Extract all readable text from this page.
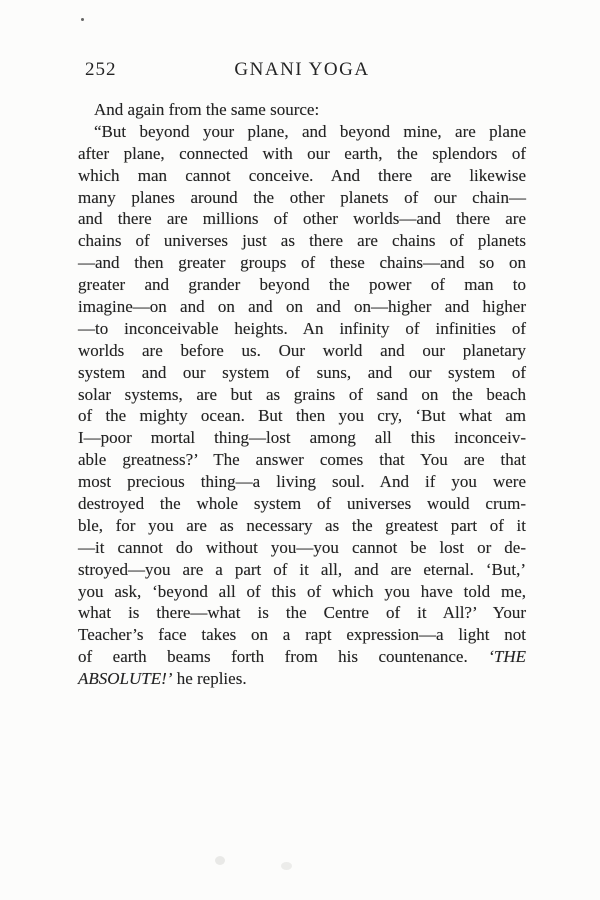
252	GNANI YOGA
And again from the same source:
“But beyond your plane, and beyond mine, are plane
after plane, connected with our earth, the splendors of
which man cannot conceive. And there are likewise
many planes around the other planets of our chain—
and there are millions of other worlds—and there are
chains of universes just as there are chains of planets
—and then greater groups of these chains—and so on
greater and grander beyond the power of man to
imagine—on and on and on and on—higher and higher
—to inconceivable heights. An infinity of infinities of
worlds are before us. Our world and our planetary
system and our system of suns, and our system of
solar systems, are but as grains of sand on the beach
of the mighty ocean. But then you cry, ‘But what am
I—poor mortal thing—lost among all this inconceiv-
able greatness?’ The answer comes that You are that
most precious thing—a living soul. And if you were
destroyed the whole system of universes would crum-
ble, for you are as necessary as the greatest part of it
—it cannot do without you—you cannot be lost or de-
stroyed—you are a part of it all, and are eternal. ‘But,’
you ask, ‘beyond all of this of which you have told me,
what is there—what is the Centre of it All?’ Your
Teacher’s face takes on a rapt expression—a light not
of earth beams forth from his countenance. ‘THE
ABSOLUTE!’ he replies.
